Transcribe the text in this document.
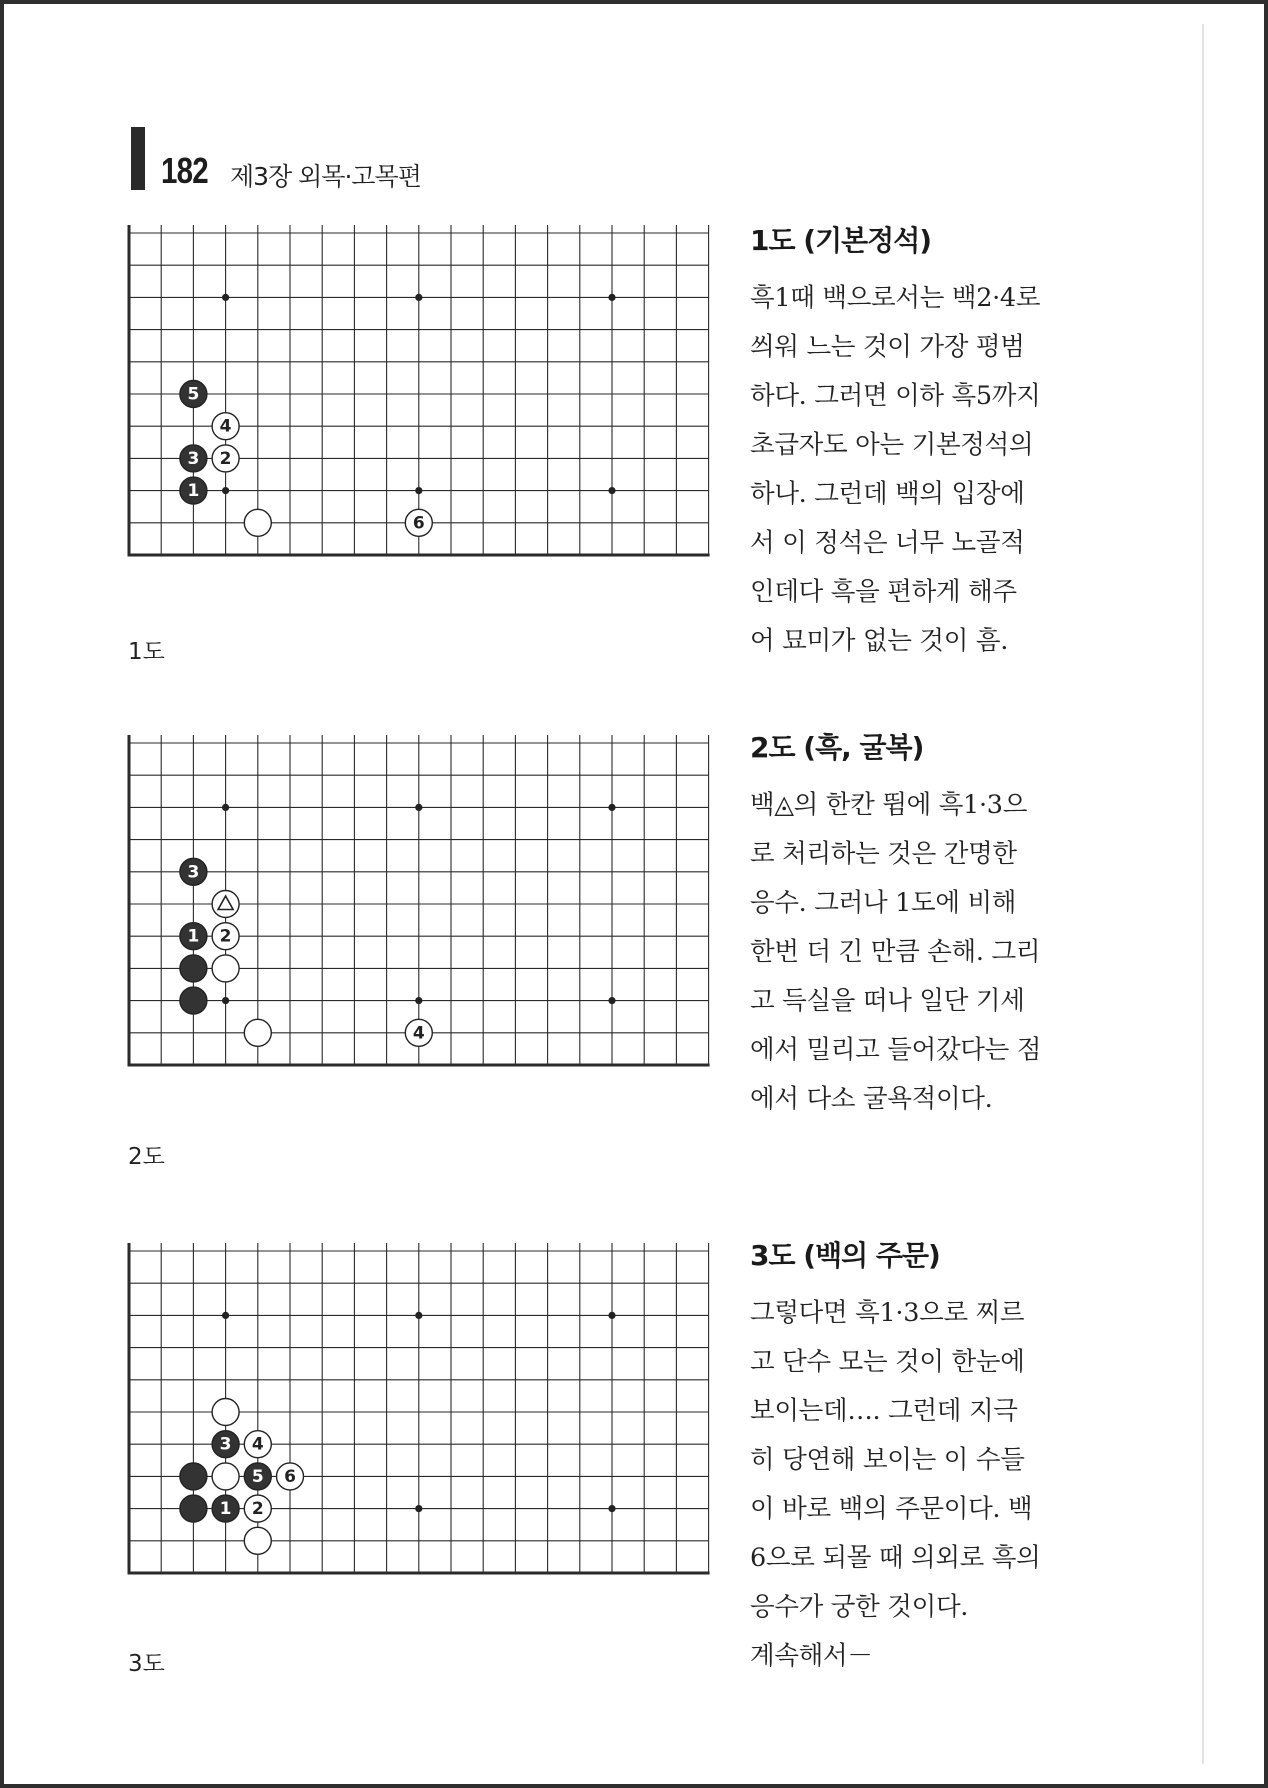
182 제3장 외목·고목편
5
4
3 2
1
6
1도
1도 (기본정석)
흑1때 백으로서는 백2·4로
씌워 느는 것이 가장 평범
하다. 그러면 이하 흑5까지
초급자도 아는 기본정석의
하나. 그런데 백의 입장에
서 이 정석은 너무 노골적
인데다 흑을 편하게 해주
어 묘미가 없는 것이 흠.
3
1 2
4
2도
2도 (흑, 굴복)
백◬의 한칸 뜀에 흑1·3으
로 처리하는 것은 간명한
응수. 그러나 1도에 비해
한번 더 긴 만큼 손해. 그리
고 득실을 떠나 일단 기세
에서 밀리고 들어갔다는 점
에서 다소 굴욕적이다.
3 4
5 6
1 2
3도
3도 (백의 주문)
그렇다면 흑1·3으로 찌르
고 단수 모는 것이 한눈에
보이는데…. 그런데 지극
히 당연해 보이는 이 수들
이 바로 백의 주문이다. 백
6으로 되몰 때 의외로 흑의
응수가 궁한 것이다.
계속해서－
